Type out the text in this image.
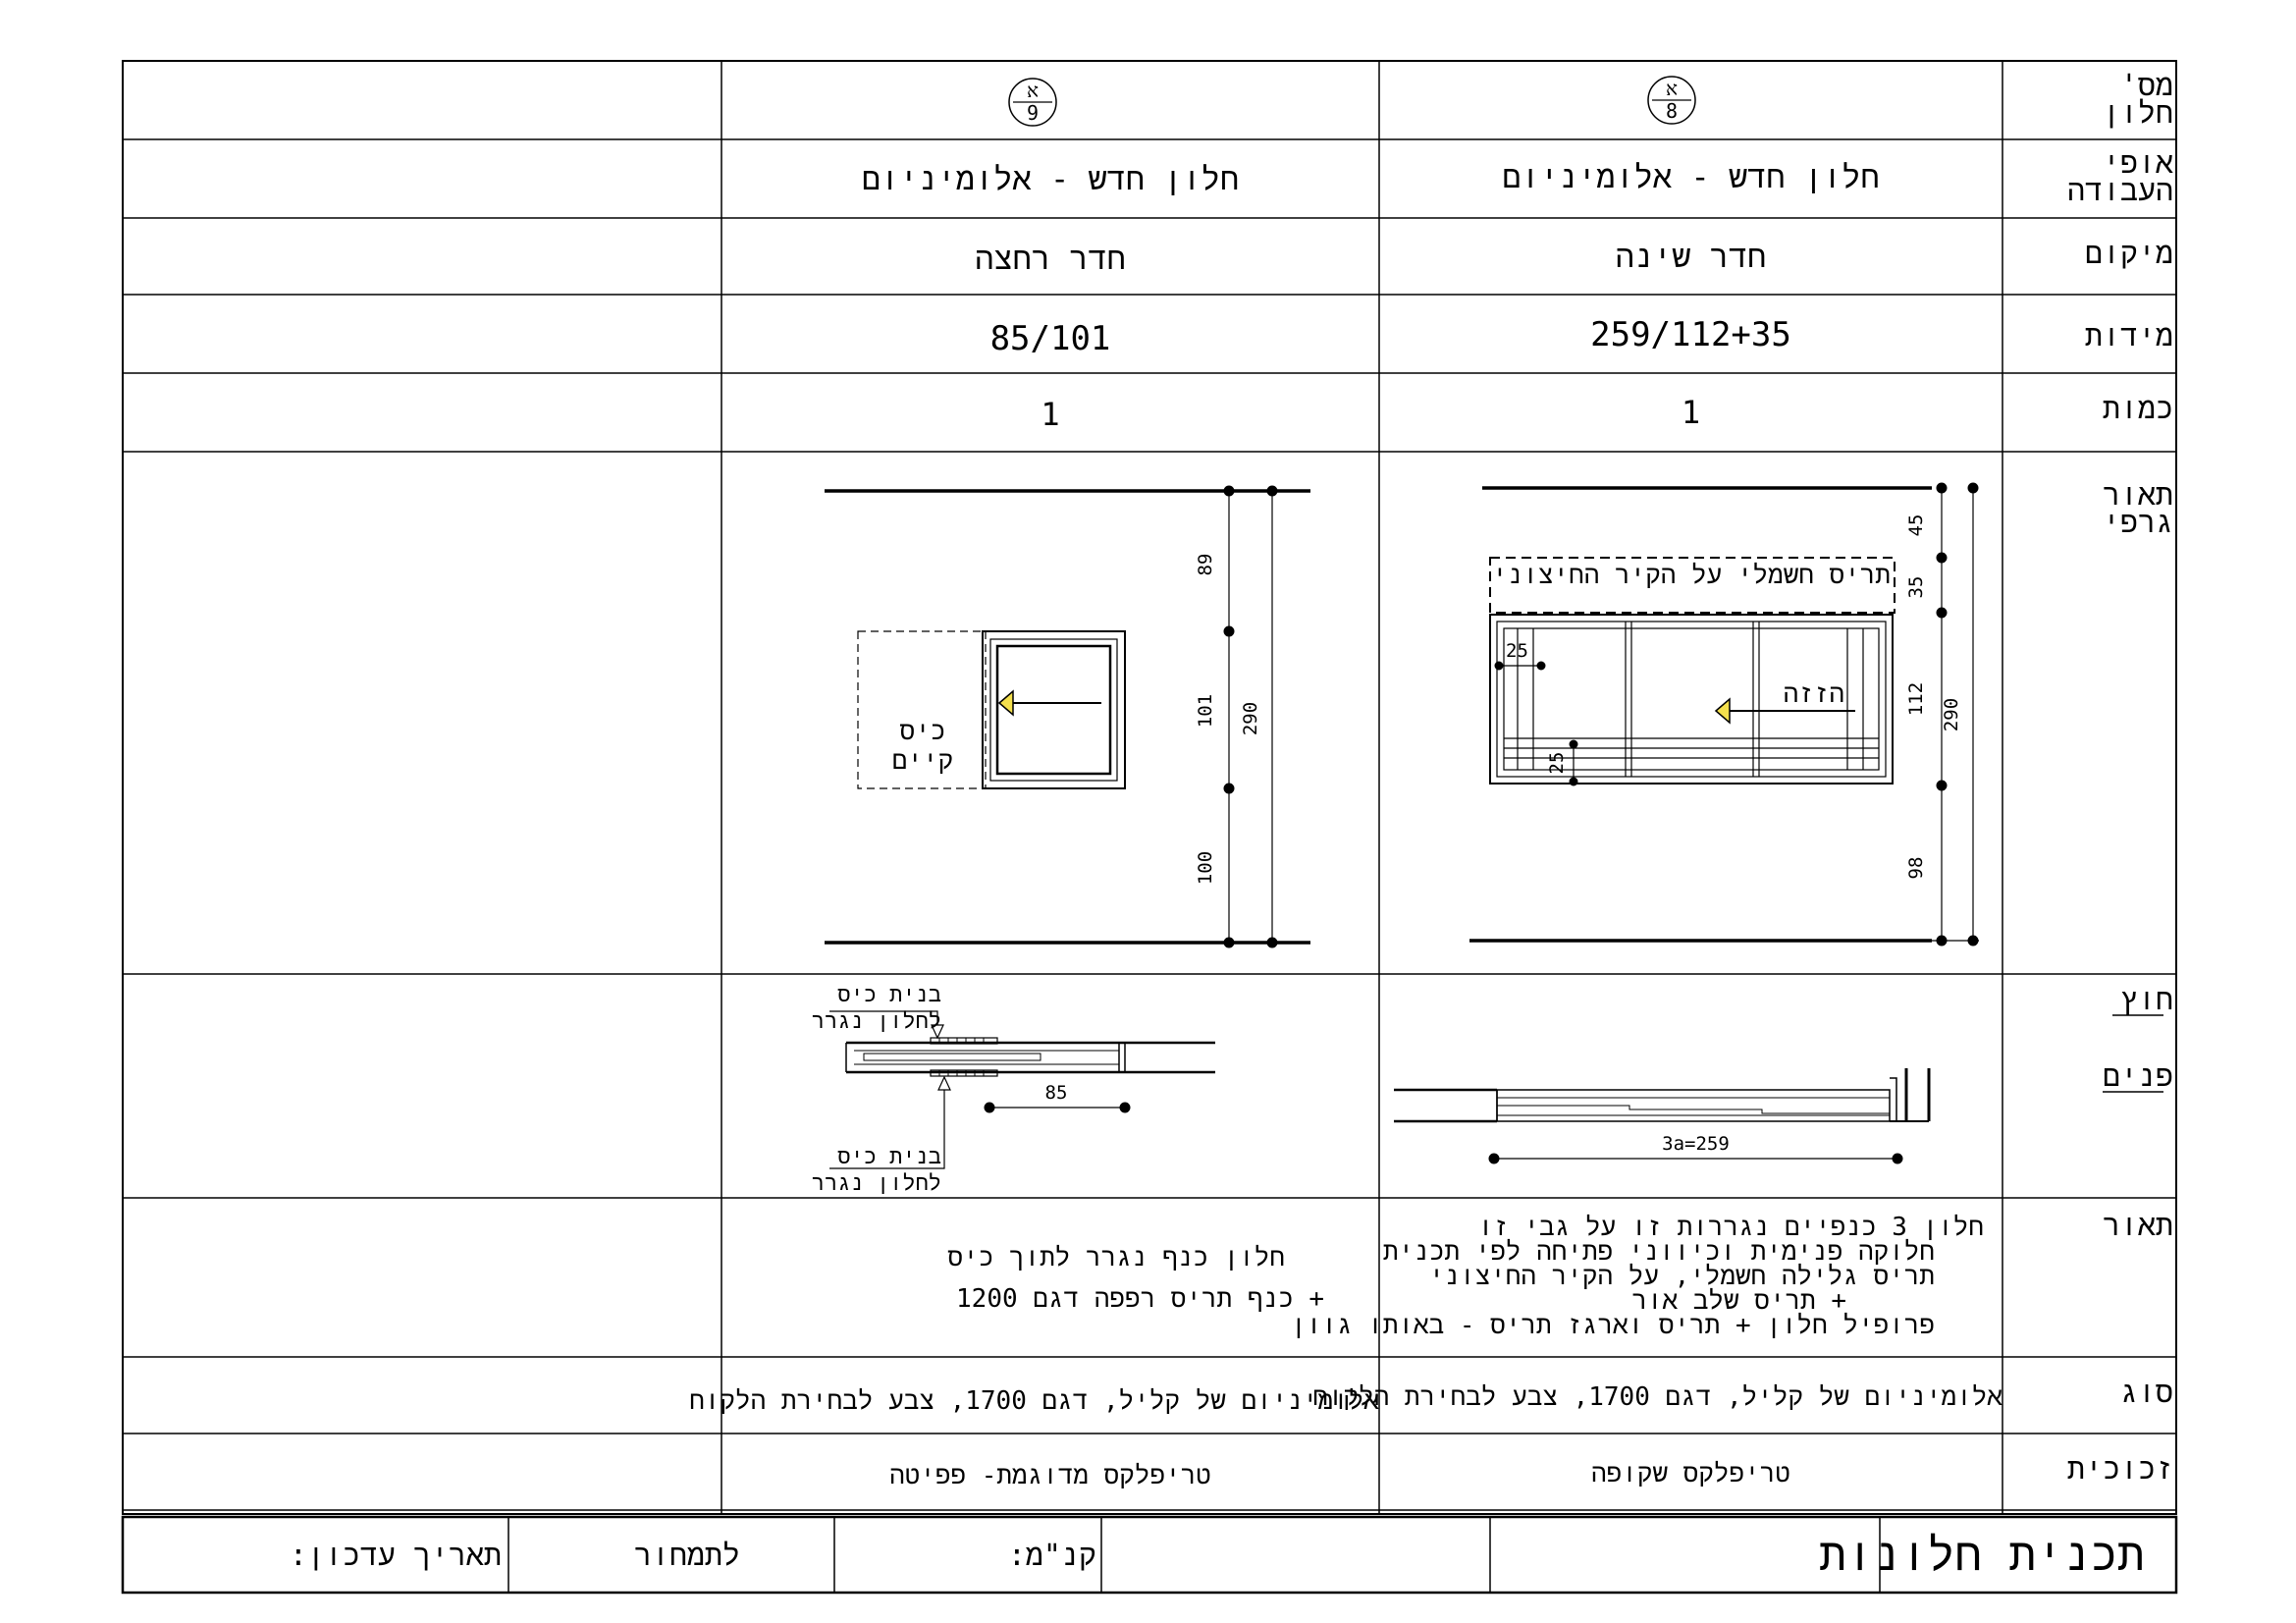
א
8
א
9
45
35
112
98
290
25
89
101
100
290
מס'
חלון
אופי
העבודה
מיקום
מידות
כמות
תאור
גרפי
חוץ
פנים
תאור
סוג
זכוכית
חלון חדש - אלומיניום
חדר שינה
259/112+35
1
תריס חשמלי על הקיר החיצוני
25
הזזה
3a=259
חלון 3 כנפיים נגררות זו על גבי זו
חלוקה פנימית וכיווני פתיחה לפי תכנית
תריס גלילה חשמלי, על הקיר החיצוני
+ תריס שלב אור
פרופיל חלון + תריס וארגז תריס - באותו גוון
אלומיניום של קליל, דגם 1700, צבע לבחירת הלקוח
טריפלקס שקופה
חלון חדש - אלומיניום
חדר רחצה
85/101
1
כיס
קיים
בנית כיס
לחלון נגרר
בנית כיס
לחלון נגרר
85
חלון כנף נגרר לתוך כיס
+ כנף תריס רפפה דגם 1200
אלומיניום של קליל, דגם 1700, צבע לבחירת הלקוח
טריפלקס מדוגמת- פפיטה
תכנית חלונות
קנ"מ:
לתמחור
תאריך עדכון:
